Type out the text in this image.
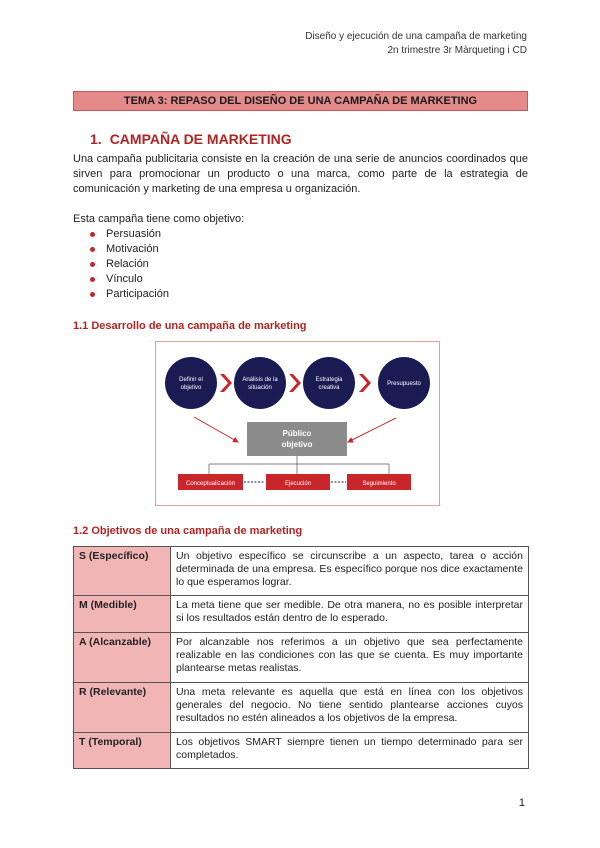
Diseño y ejecución de una campaña de marketing
2n trimestre 3r Màrqueting i CD
TEMA 3: REPASO DEL DISEÑO DE UNA CAMPAÑA DE MARKETING
1. CAMPAÑA DE MARKETING
Una campaña publicitaria consiste en la creación de una serie de anuncios coordinados que sirven para promocionar un producto o una marca, como parte de la estrategia de comunicación y marketing de una empresa u organización.
Esta campaña tiene como objetivo:
Persuasión
Motivación
Relación
Vínculo
Participación
1.1 Desarrollo de una campaña de marketing
Definir el
objetivo
Análisis de la
situación
Estrategia
creativa
Presupuesto
Público
objetivo
Conceptualización	Ejecución	Seguimiento
1.2 Objetivos de una campaña de marketing
S (Específico)	Un objetivo específico se circunscribe a un aspecto, tarea o acción determinada de una empresa. Es específico porque nos dice exactamente lo que esperamos lograr.
M (Medible)	La meta tiene que ser medible. De otra manera, no es posible interpretar si los resultados están dentro de lo esperado.
A (Alcanzable)	Por alcanzable nos referimos a un objetivo que sea perfectamente realizable en las condiciones con las que se cuenta. Es muy importante plantearse metas realistas.
R (Relevante)	Una meta relevante es aquella que está en línea con los objetivos generales del negocio. No tiene sentido plantearse acciones cuyos resultados no estén alineados a los objetivos de la empresa.
T (Temporal)	Los objetivos SMART siempre tienen un tiempo determinado para ser completados.
1
